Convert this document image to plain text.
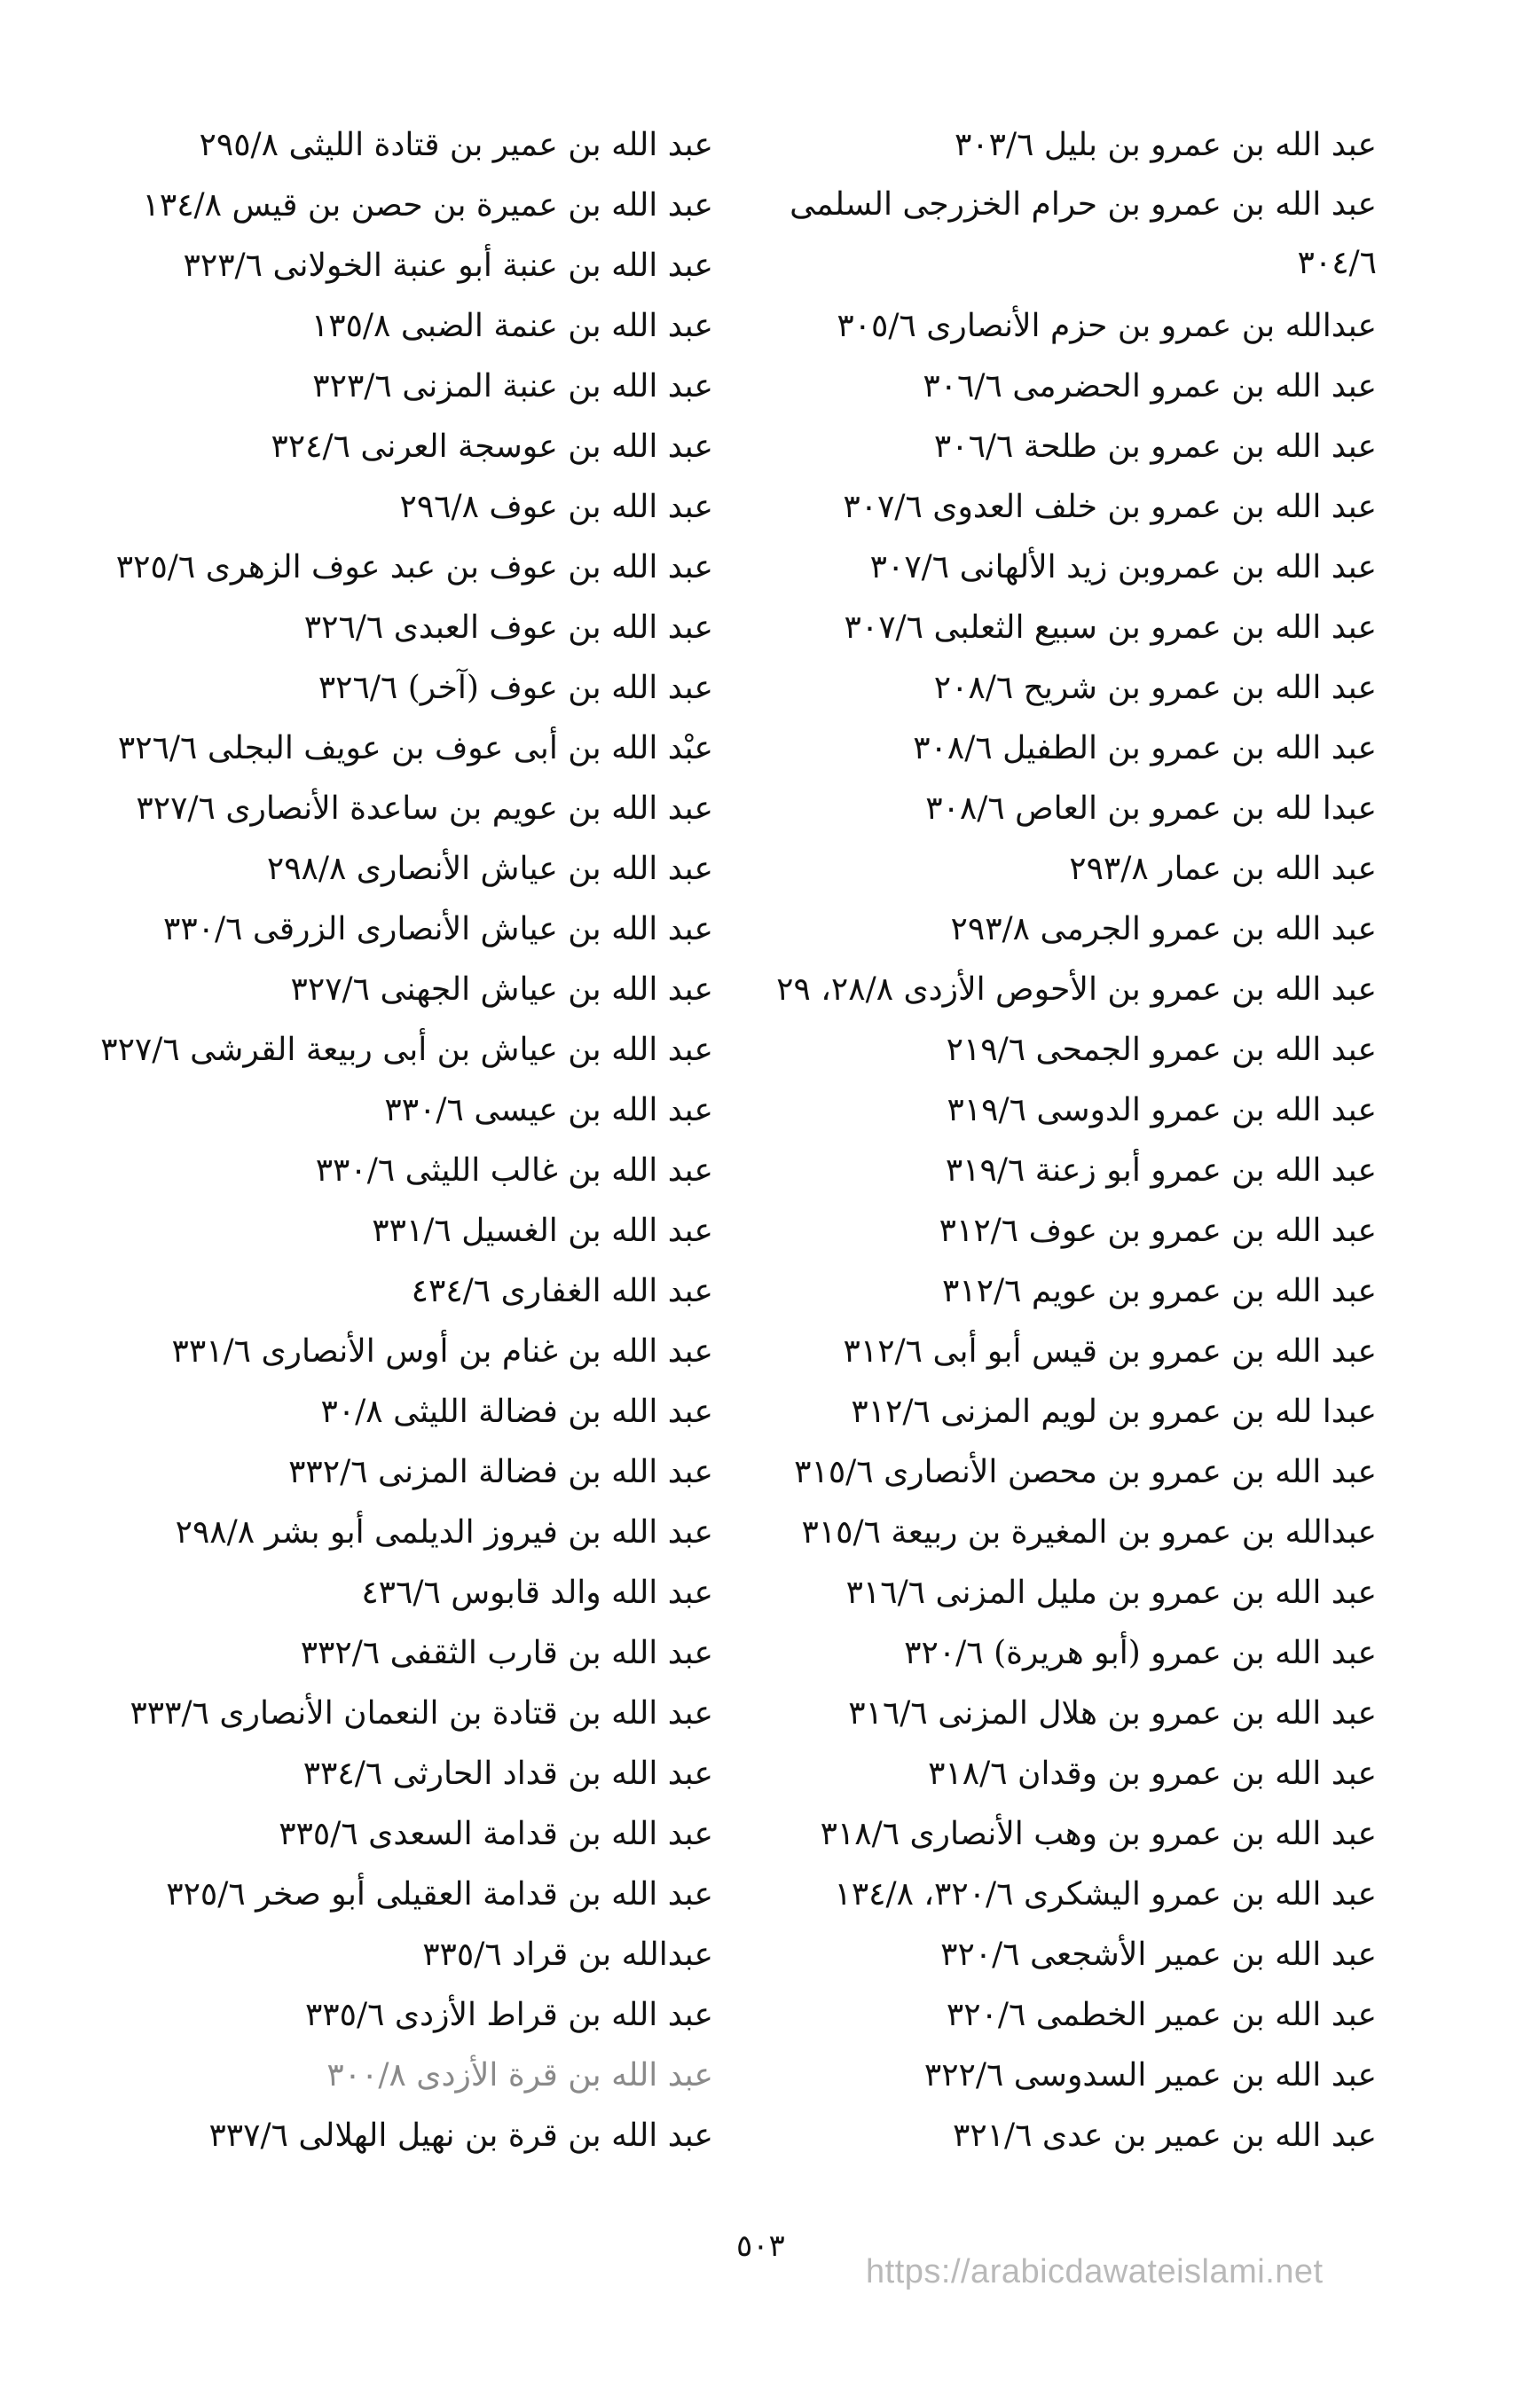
عبد الله بن عمرو بن بليل ٣٠٣/٦
عبد الله بن عمرو بن حرام الخزرجى السلمى ٣٠٤/٦
عبدالله بن عمرو بن حزم الأنصارى ٣٠٥/٦
عبد الله بن عمرو الحضرمى ٣٠٦/٦
عبد الله بن عمرو بن طلحة ٣٠٦/٦
عبد الله بن عمرو بن خلف العدوى ٣٠٧/٦
عبد الله بن عمروبن زيد الألهانى ٣٠٧/٦
عبد الله بن عمرو بن سبيع الثعلبى ٣٠٧/٦
عبد الله بن عمرو بن شريح ٢٠٨/٦
عبد الله بن عمرو بن الطفيل ٣٠٨/٦
عبدا لله بن عمرو بن العاص ٣٠٨/٦
عبد الله بن عمار ٢٩٣/٨
عبد الله بن عمرو الجرمى ٢٩٣/٨
عبد الله بن عمرو بن الأحوص الأزدى ٢٨/٨، ٢٩
عبد الله بن عمرو الجمحى ٢١٩/٦
عبد الله بن عمرو الدوسى ٣١٩/٦
عبد الله بن عمرو أبو زعنة ٣١٩/٦
عبد الله بن عمرو بن عوف ٣١٢/٦
عبد الله بن عمرو بن عويم ٣١٢/٦
عبد الله بن عمرو بن قيس أبو أبى ٣١٢/٦
عبدا لله بن عمرو بن لويم المزنى ٣١٢/٦
عبد الله بن عمرو بن محصن الأنصارى ٣١٥/٦
عبدالله بن عمرو بن المغيرة بن ربيعة ٣١٥/٦
عبد الله بن عمرو بن مليل المزنى ٣١٦/٦
عبد الله بن عمرو (أبو هريرة) ٣٢٠/٦
عبد الله بن عمرو بن هلال المزنى ٣١٦/٦
عبد الله بن عمرو بن وقدان ٣١٨/٦
عبد الله بن عمرو بن وهب الأنصارى ٣١٨/٦
عبد الله بن عمرو اليشكرى ٣٢٠/٦، ١٣٤/٨
عبد الله بن عمير الأشجعى ٣٢٠/٦
عبد الله بن عمير الخطمى ٣٢٠/٦
عبد الله بن عمير السدوسى ٣٢٢/٦
عبد الله بن عمير بن عدى ٣٢١/٦
عبد الله بن عمير بن قتادة الليثى ٢٩٥/٨
عبد الله بن عميرة بن حصن بن قيس ١٣٤/٨
عبد الله بن عنبة أبو عنبة الخولانى ٣٢٣/٦
عبد الله بن عنمة الضبى ١٣٥/٨
عبد الله بن عنبة المزنى ٣٢٣/٦
عبد الله بن عوسجة العرنى ٣٢٤/٦
عبد الله بن عوف ٢٩٦/٨
عبد الله بن عوف بن عبد عوف الزهرى ٣٢٥/٦
عبد الله بن عوف العبدى ٣٢٦/٦
عبد الله بن عوف (آخر) ٣٢٦/٦
عبْد الله بن أبى عوف بن عويف البجلى ٣٢٦/٦
عبد الله بن عويم بن ساعدة الأنصارى ٣٢٧/٦
عبد الله بن عياش الأنصارى ٢٩٨/٨
عبد الله بن عياش الأنصارى الزرقى ٣٣٠/٦
عبد الله بن عياش الجهنى ٣٢٧/٦
عبد الله بن عياش بن أبى ربيعة القرشى ٣٢٧/٦
عبد الله بن عيسى ٣٣٠/٦
عبد الله بن غالب الليثى ٣٣٠/٦
عبد الله بن الغسيل ٣٣١/٦
عبد الله الغفارى ٤٣٤/٦
عبد الله بن غنام بن أوس الأنصارى ٣٣١/٦
عبد الله بن فضالة الليثى ٣٠/٨
عبد الله بن فضالة المزنى ٣٣٢/٦
عبد الله بن فيروز الديلمى أبو بشر ٢٩٨/٨
عبد الله والد قابوس ٤٣٦/٦
عبد الله بن قارب الثقفى ٣٣٢/٦
عبد الله بن قتادة بن النعمان الأنصارى ٣٣٣/٦
عبد الله بن قداد الحارثى ٣٣٤/٦
عبد الله بن قدامة السعدى ٣٣٥/٦
عبد الله بن قدامة العقيلى أبو صخر ٣٢٥/٦
عبدالله بن قراد ٣٣٥/٦
عبد الله بن قراط الأزدى ٣٣٥/٦
عبد الله بن قرة الأزدى ٣٠٠/٨
عبد الله بن قرة بن نهيل الهلالى ٣٣٧/٦
٥٠٣
https://arabicdawateislami.net
